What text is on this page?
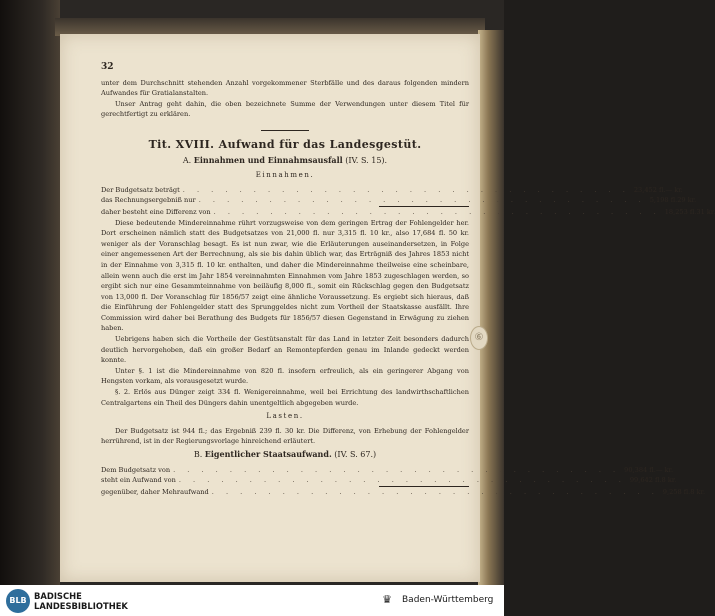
⑥
32

unter dem Durchschnitt stehenden Anzahl vorgekommener Sterbfälle und des daraus folgenden mindern Aufwandes für Gratialanstalten.

Unser Antrag geht dahin, die oben bezeichnete Summe der Verwendungen unter diesem Titel für gerechtfertigt zu erklären.

Tit. XVIII. Aufwand für das Landesgestüt.
A. Einnahmen und Einnahmsausfall (IV. S. 15).
Einnahmen.
Der Budgetsatz beträgt . . . . . . . . . . . . . . . . . . . . . . . . . . . . . . . . 23,452 fl. — kr.
das Rechnungsergebniß nur . . . . . . . . . . . . . . . . . . . . . . . . . . . . . . . . 5,198 fl. 29 kr.
daher besteht eine Differenz von . . . . . . . . . . . . . . . . . . . . . . . . . . . . . . . . 18,253 fl. 31 kr.

Diese bedeutende Mindereinnahme rührt vorzugsweise von dem geringen Ertrag der Fohlengelder her. Dort erscheinen nämlich statt des Budgetsatzes von 21,000 fl. nur 3,315 fl. 10 kr., also 17,684 fl. 50 kr. weniger als der Voranschlag besagt. Es ist nun zwar, wie die Erläuterungen auseinandersetzen, in Folge einer angemessenen Art der Berrechnung, als sie bis dahin üblich war, das Erträgniß des Jahres 1853 nicht in der Einnahme von 3,315 fl. 10 kr. enthalten, und daher die Mindereinnahme theilweise eine scheinbare, allein wenn auch die erst im Jahr 1854 vereinnahmten Einnahmen vom Jahre 1853 zugeschlagen werden, so ergibt sich nur eine Gesammteinnahme von beiläufig 8,000 fl., somit ein Rückschlag gegen den Budgetsatz von 13,000 fl. Der Voranschlag für 1856/57 zeigt eine ähnliche Voraussetzung. Es ergiebt sich hieraus, daß die Einführung der Fohlengelder statt des Sprunggeldes nicht zum Vortheil der Staatskasse ausfällt. Ihre Commission wird daher bei Berathung des Budgets für 1856/57 diesen Gegenstand in Erwägung zu ziehen haben.

Uebrigens haben sich die Vortheile der Gestütsanstalt für das Land in letzter Zeit besonders dadurch deutlich hervorgehoben, daß ein großer Bedarf an Remontepferden genau im Inlande gedeckt werden konnte.

Unter §. 1 ist die Mindereinnahme von 820 fl. insofern erfreulich, als ein geringerer Abgang von Hengsten vorkam, als vorausgesetzt wurde.

§. 2. Erlös aus Dünger zeigt 334 fl. Wenigereinnahme, weil bei Errichtung des landwirthschaftlichen Centralgartens ein Theil des Düngers dahin unentgeltlich abgegeben wurde.

Lasten.

Der Budgetsatz ist 944 fl.; das Ergebniß 239 fl. 30 kr. Die Differenz, von Erhebung der Fohlengelder herrührend, ist in der Regierungsvorlage hinreichend erläutert.

B. Eigentlicher Staatsaufwand. (IV. S. 67.)
Dem Budgetsatz von . . . . . . . . . . . . . . . . . . . . . . . . . . . . . . . . 90,384 fl. — kr.
steht ein Aufwand von . . . . . . . . . . . . . . . . . . . . . . . . . . . . . . . . 99,642 fl. 8 kr.
gegenüber, daher Mehraufwand . . . . . . . . . . . . . . . . . . . . . . . . . . . . . . . . 9,258 fl. 8 kr.
BLB BADISCHE
LANDESBIBLIOTHEK	♛ Baden-Württemberg
